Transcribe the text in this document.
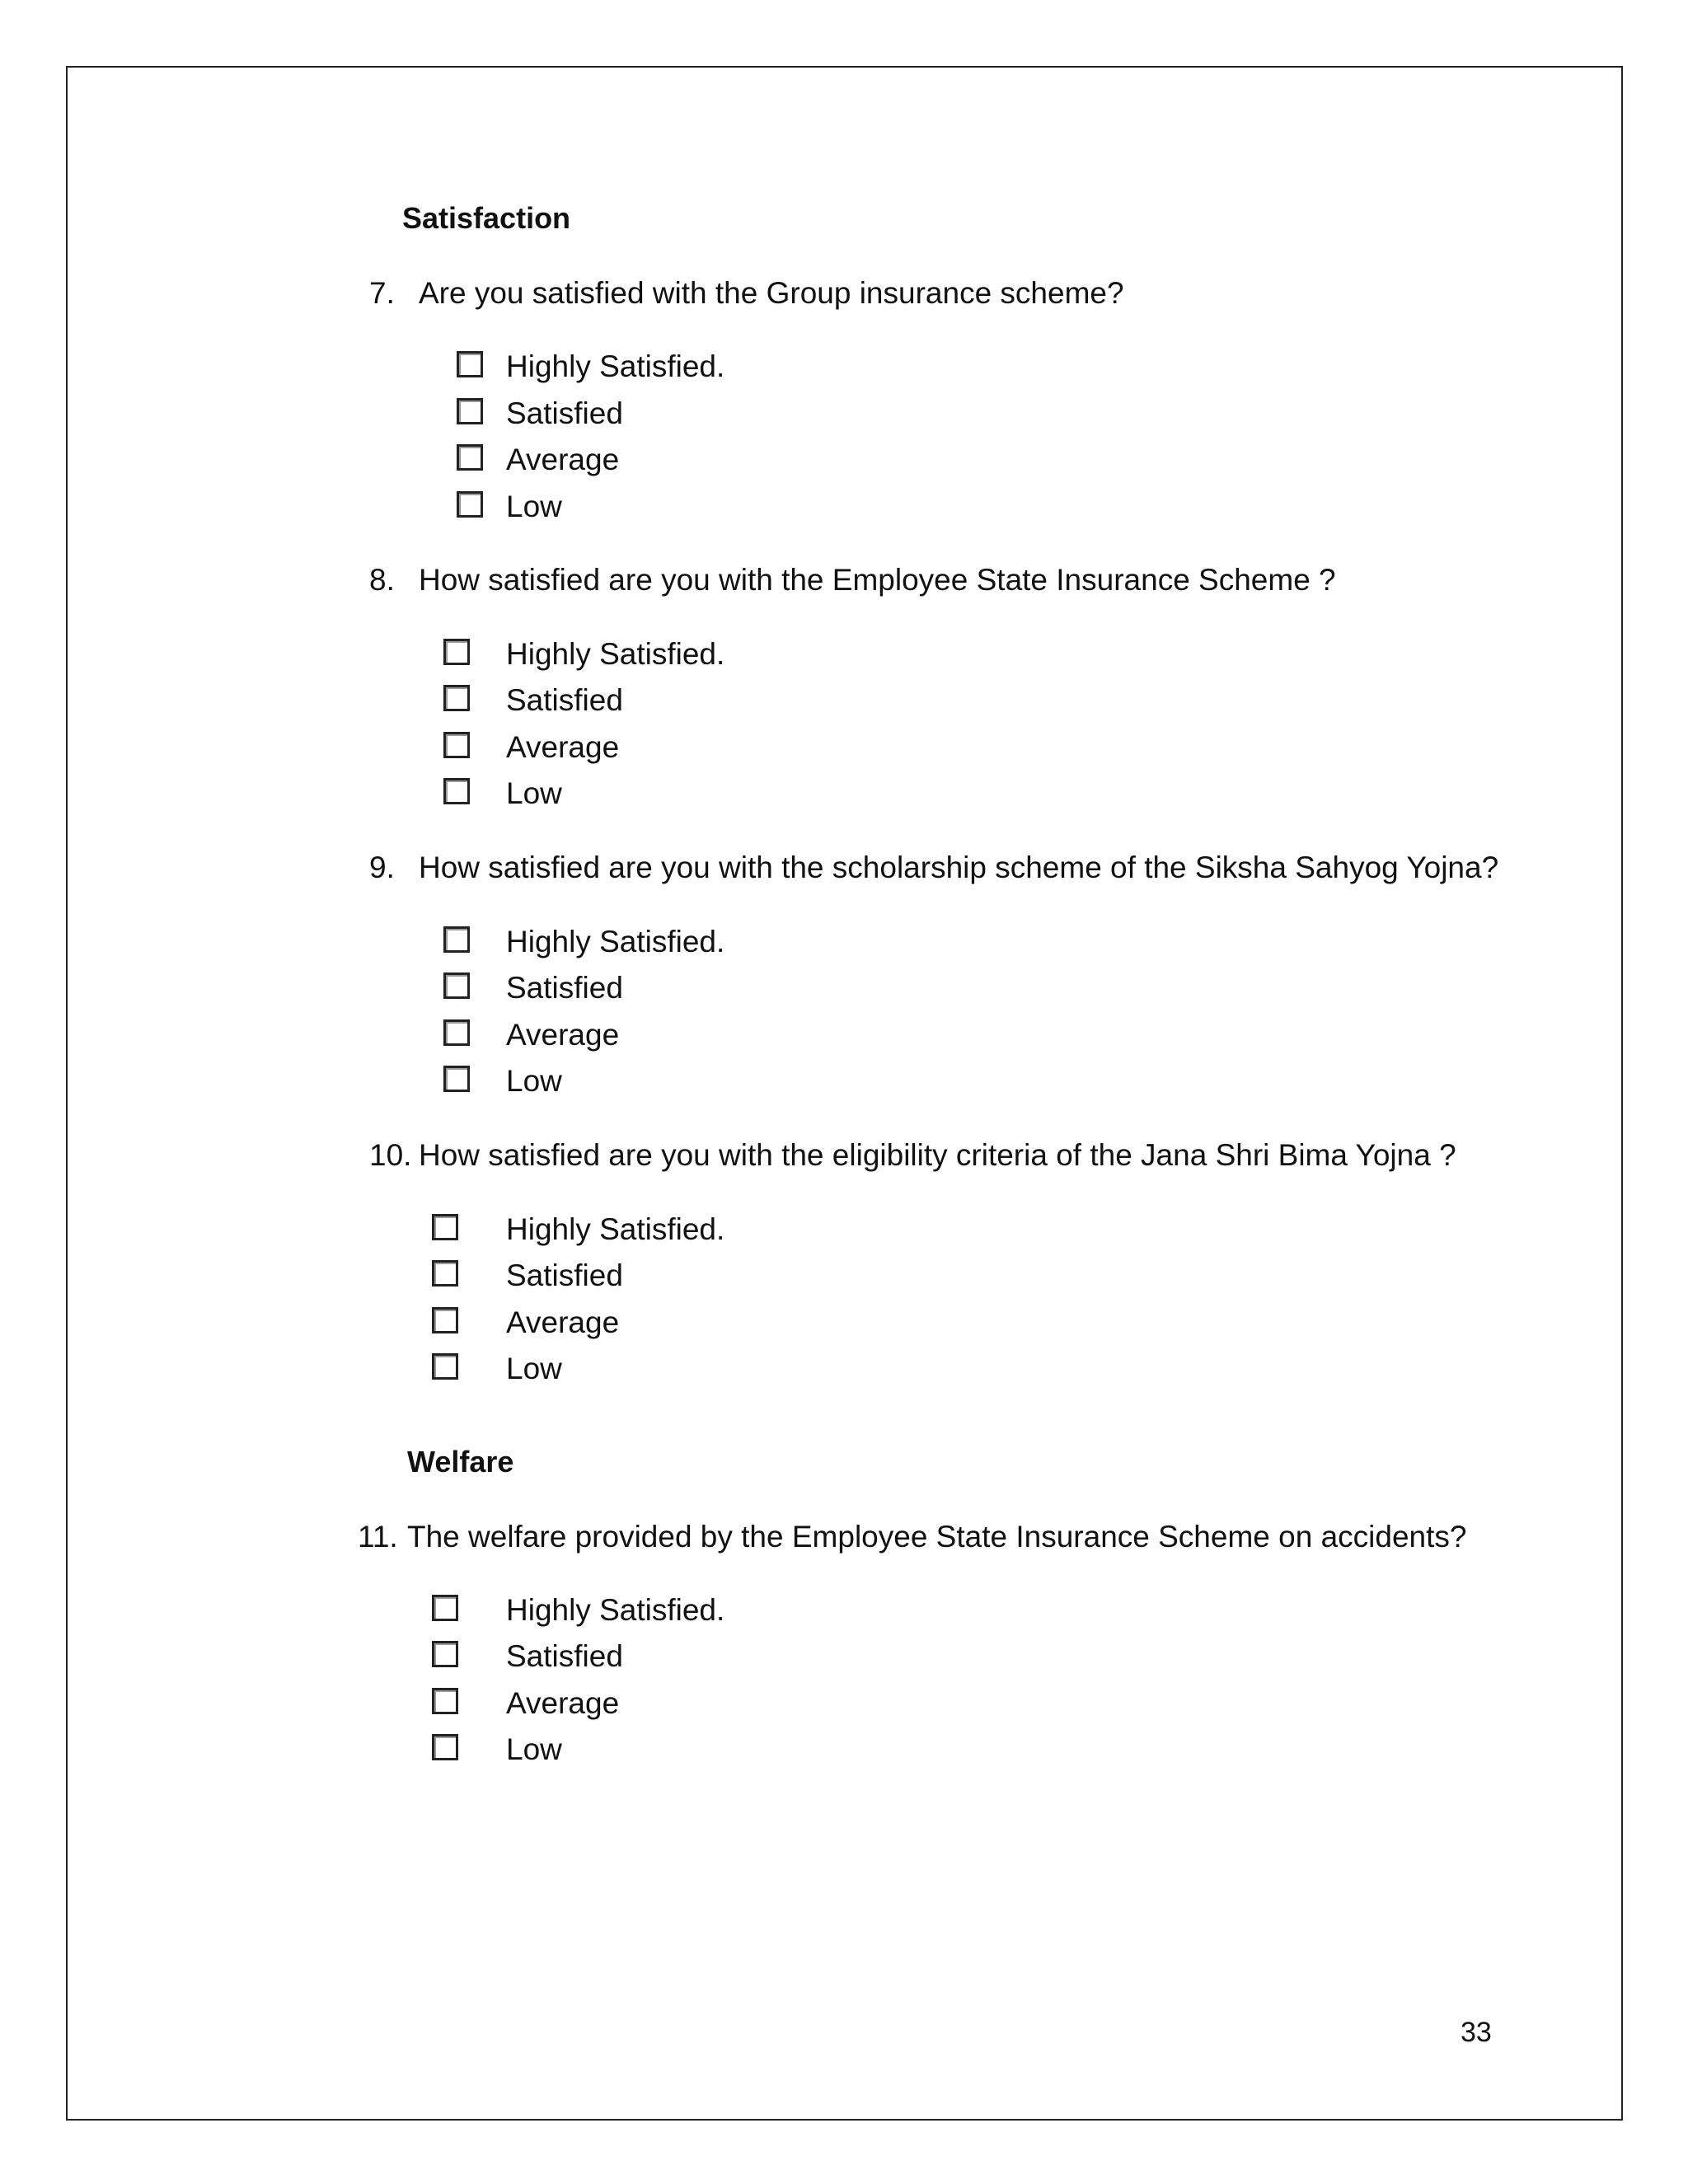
Satisfaction
7. Are you satisfied with the Group insurance scheme?
Highly Satisfied.
Satisfied
Average
Low
8. How satisfied are you with the Employee State Insurance Scheme ?
Highly Satisfied.
Satisfied
Average
Low
9. How satisfied are you with the scholarship scheme of the Siksha Sahyog Yojna?
Highly Satisfied.
Satisfied
Average
Low
10. How satisfied are you with the eligibility criteria of the Jana Shri Bima Yojna ?
Highly Satisfied.
Satisfied
Average
Low
Welfare
11. The welfare provided by the Employee State Insurance Scheme on accidents?
Highly Satisfied.
Satisfied
Average
Low
33
